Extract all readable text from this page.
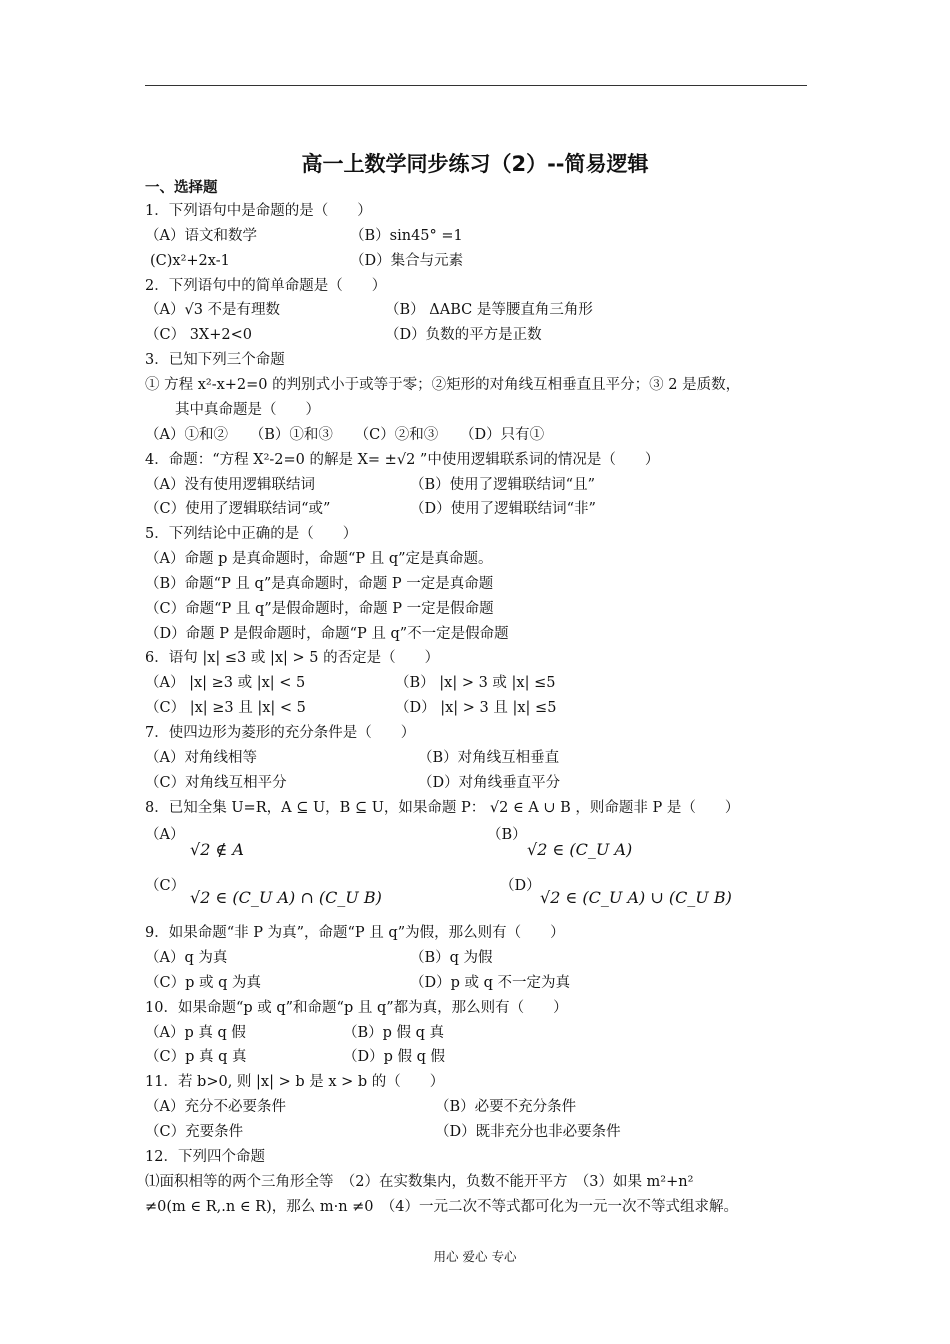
高一上数学同步练习（2）--简易逻辑
一、选择题
1．下列语句中是命题的是（　　）
（A）语文和数学	（B）sin45° =1
(C)x²+2x-1	（D）集合与元素
2．下列语句中的简单命题是（　　）
（A）√3 不是有理数	（B） ΔABC 是等腰直角三角形
（C） 3X+2<0	（D）负数的平方是正数
3．已知下列三个命题
① 方程 x²-x+2=0 的判别式小于或等于零；②矩形的对角线互相垂直且平分；③ 2 是质数，
其中真命题是（　　）
（A）①和②　　（B）①和③　　（C）②和③　　（D）只有①
4．命题：“方程 X²-2=0 的解是 X= ±√2 ”中使用逻辑联系词的情况是（　　）
（A）没有使用逻辑联结词	（B）使用了逻辑联结词“且”
（C）使用了逻辑联结词“或”	（D）使用了逻辑联结词“非”
5．下列结论中正确的是（　　）
（A）命题 p 是真命题时，命题“P 且 q”定是真命题。
（B）命题“P 且 q”是真命题时，命题 P 一定是真命题
（C）命题“P 且 q”是假命题时，命题 P 一定是假命题
（D）命题 P 是假命题时，命题“P 且 q”不一定是假命题
6．语句 |x| ≤3 或 |x| > 5 的否定是（　　）
（A） |x| ≥3 或 |x| < 5	（B） |x| > 3 或 |x| ≤5
（C） |x| ≥3 且 |x| < 5	（D） |x| > 3 且 |x| ≤5
7．使四边形为菱形的充分条件是（　　）
（A）对角线相等	（B）对角线互相垂直
（C）对角线互相平分	（D）对角线垂直平分
8．已知全集 U=R，A ⊆ U，B ⊆ U，如果命题 P： √2 ∈ A ∪ B ，则命题非 P 是（　　）
（A）
√2 ∉ A
（B）
√2 ∈ (C_U A)
（C）
√2 ∈ (C_U A) ∩ (C_U B)
（D）
√2 ∈ (C_U A) ∪ (C_U B)
9．如果命题“非 P 为真”，命题“P 且 q”为假，那么则有（　　）
（A）q 为真	（B）q 为假
（C）p 或 q 为真	（D）p 或 q 不一定为真
10．如果命题“p 或 q”和命题“p 且 q”都为真，那么则有（　　）
（A）p 真 q 假	（B）p 假 q 真
（C）p 真 q 真	（D）p 假 q 假
11．若 b>0, 则 |x| > b 是 x > b 的（　　）
（A）充分不必要条件	（B）必要不充分条件
（C）充要条件	（D）既非充分也非必要条件
12．下列四个命题
⑴面积相等的两个三角形全等　（2）在实数集内，负数不能开平方　（3）如果 m²+n²
≠0(m ∈ R,.n ∈ R)，那么 m·n ≠0　（4）一元二次不等式都可化为一元一次不等式组求解。
用心 爱心 专心
